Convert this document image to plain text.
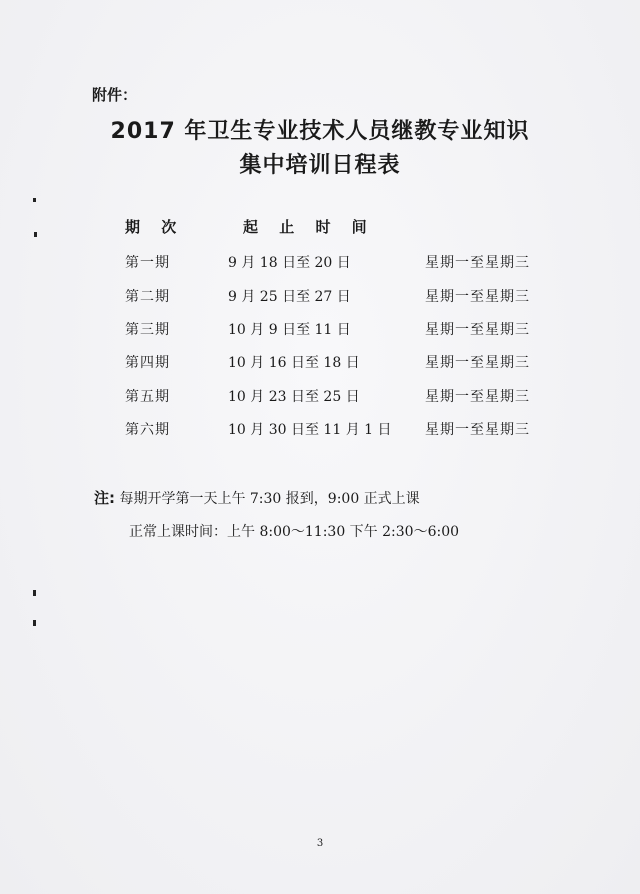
附件：
2017 年卫生专业技术人员继教专业知识
集中培训日程表
期 次	起 止 时 间
第一期	9 月 18 日至 20 日	星期一至星期三
第二期	9 月 25 日至 27 日	星期一至星期三
第三期	10 月 9 日至 11 日	星期一至星期三
第四期	10 月 16 日至 18 日	星期一至星期三
第五期	10 月 23 日至 25 日	星期一至星期三
第六期	10 月 30 日至 11 月 1 日 星期一至星期三
注: 每期开学第一天上午 7:30 报到，9:00 正式上课
正常上课时间：上午 8:00～11:30 下午 2:30～6:00
3
